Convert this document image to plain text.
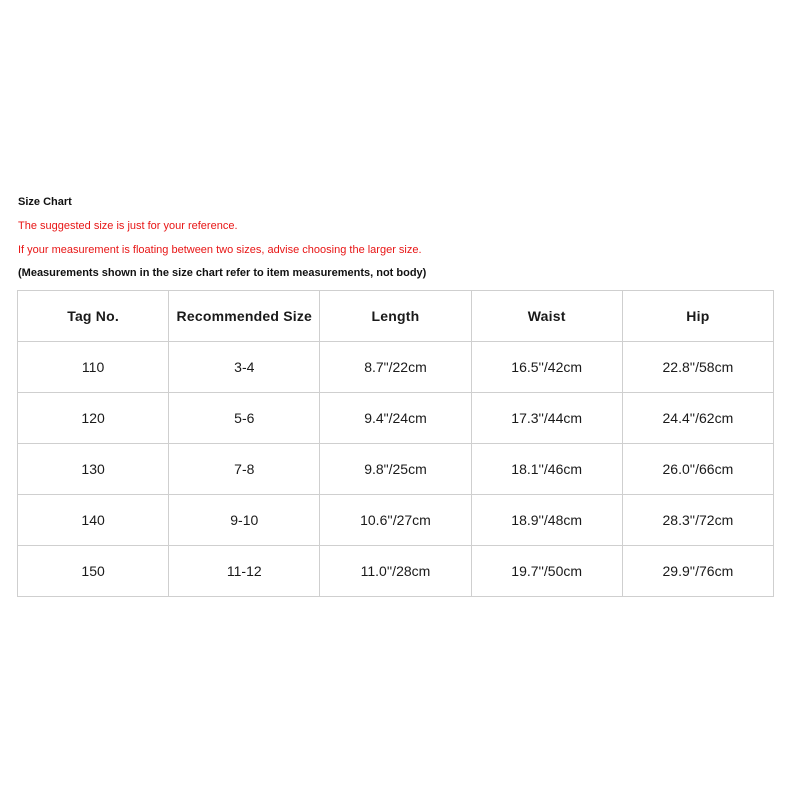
Size Chart
The suggested size is just for your reference.
If your measurement is floating between two sizes, advise choosing the larger size.
(Measurements shown in the size chart refer to item measurements, not body)
Tag No.	Recommended Size	Length	Waist	Hip
110	3-4	8.7"/22cm	16.5''/42cm	22.8''/58cm
120	5-6	9.4"/24cm	17.3''/44cm	24.4''/62cm
130	7-8	9.8"/25cm	18.1''/46cm	26.0''/66cm
140	9-10	10.6''/27cm	18.9''/48cm	28.3''/72cm
150	11-12	11.0''/28cm	19.7''/50cm	29.9''/76cm
